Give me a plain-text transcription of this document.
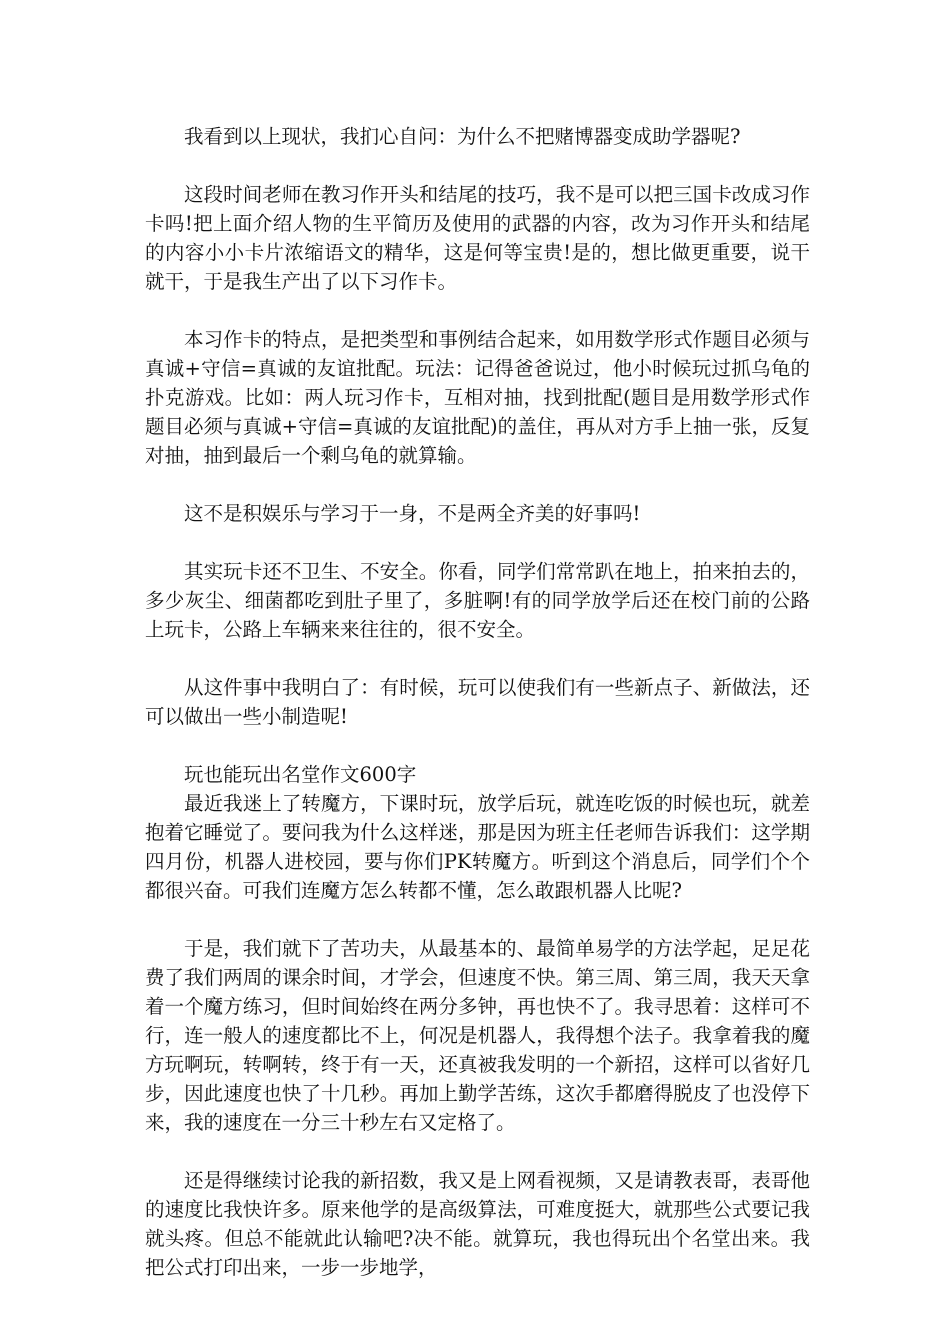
我看到以上现状，我扪心自问：为什么不把赌博器变成助学器呢?

这段时间老师在教习作开头和结尾的技巧，我不是可以把三国卡改成习作卡吗!把上面介绍人物的生平简历及使用的武器的内容，改为习作开头和结尾的内容小小卡片浓缩语文的精华，这是何等宝贵!是的，想比做更重要，说干就干，于是我生产出了以下习作卡。

本习作卡的特点，是把类型和事例结合起来，如用数学形式作题目必须与真诚+守信=真诚的友谊批配。玩法：记得爸爸说过，他小时候玩过抓乌龟的扑克游戏。比如：两人玩习作卡，互相对抽，找到批配(题目是用数学形式作题目必须与真诚+守信=真诚的友谊批配)的盖住，再从对方手上抽一张，反复对抽，抽到最后一个剩乌龟的就算输。

这不是积娱乐与学习于一身，不是两全齐美的好事吗!

其实玩卡还不卫生、不安全。你看，同学们常常趴在地上，拍来拍去的，多少灰尘、细菌都吃到肚子里了，多脏啊!有的同学放学后还在校门前的公路上玩卡，公路上车辆来来往往的，很不安全。

从这件事中我明白了：有时候，玩可以使我们有一些新点子、新做法，还可以做出一些小制造呢!

玩也能玩出名堂作文600字

最近我迷上了转魔方，下课时玩，放学后玩，就连吃饭的时候也玩，就差抱着它睡觉了。要问我为什么这样迷，那是因为班主任老师告诉我们：这学期四月份，机器人进校园，要与你们PK转魔方。听到这个消息后，同学们个个都很兴奋。可我们连魔方怎么转都不懂，怎么敢跟机器人比呢?

于是，我们就下了苦功夫，从最基本的、最简单易学的方法学起，足足花费了我们两周的课余时间，才学会，但速度不快。第三周、第三周，我天天拿着一个魔方练习，但时间始终在两分多钟，再也快不了。我寻思着：这样可不行，连一般人的速度都比不上，何况是机器人，我得想个法子。我拿着我的魔方玩啊玩，转啊转，终于有一天，还真被我发明的一个新招，这样可以省好几步，因此速度也快了十几秒。再加上勤学苦练，这次手都磨得脱皮了也没停下来，我的速度在一分三十秒左右又定格了。

还是得继续讨论我的新招数，我又是上网看视频，又是请教表哥，表哥他的速度比我快许多。原来他学的是高级算法，可难度挺大，就那些公式要记我就头疼。但总不能就此认输吧?决不能。就算玩，我也得玩出个名堂出来。我把公式打印出来，一步一步地学，
